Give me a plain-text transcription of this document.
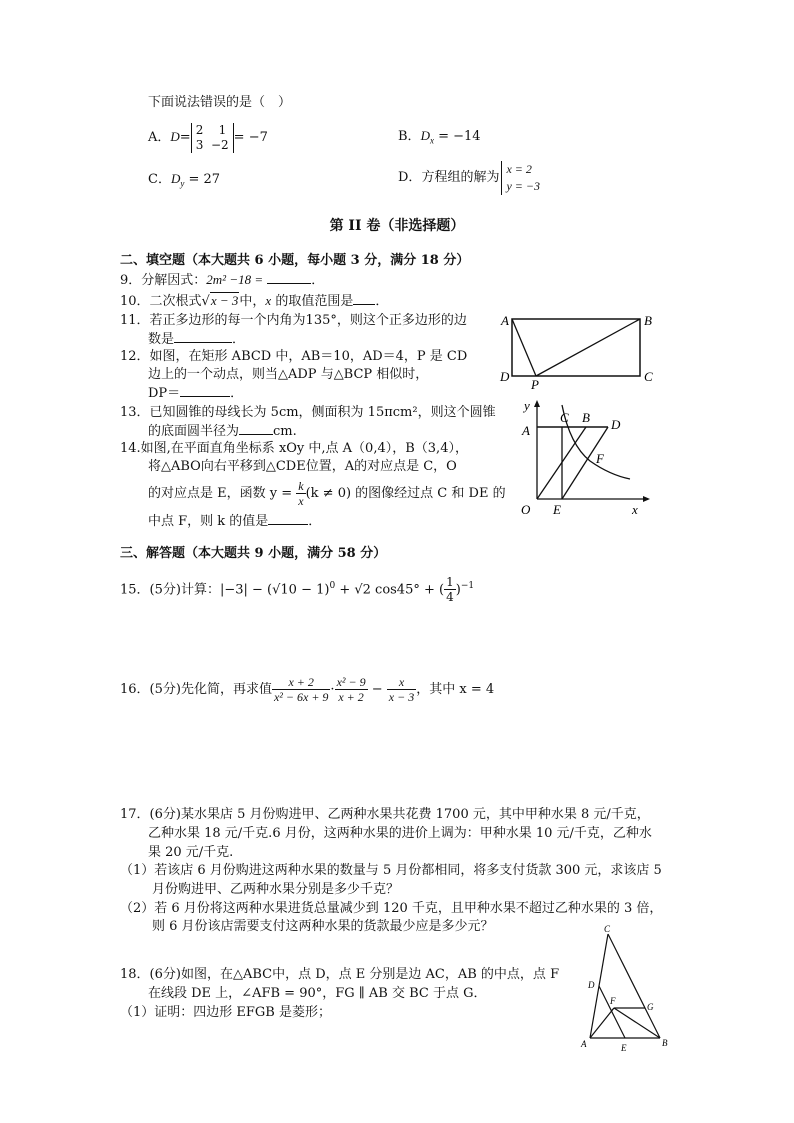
下面说法错误的是（　）
A．D=2 1
3 −2 = −7	B．$D_x = -14$
C．$D_y = 27$	D．方程组的解为x = 2
y = −3
第 II 卷（非选择题）
二、填空题（本大题共 6 小题，每小题 3 分，满分 18 分）
9．分解因式：2m² −18 =	．
10．二次根式√x − 3中，x 的取值范围是 ．
11．若正多边形的每一个内角为135°，则这个正多边形的边
数是	．
12．如图，在矩形 ABCD 中，AB＝10，AD＝4，P 是 CD
边上的一个动点，则当△ADP 与△BCP 相似时，
DP＝	．
13．已知圆锥的母线长为 5cm，侧面积为 15πcm²，则这个圆锥
的底面圆半径为	cm.
14.如图,在平面直角坐标系 xOy 中,点 A（0,4），B（3,4），
将△ABO向右平移到△CDE位置，A的对应点是 C，O
的对应点是 E，函数 $y = \frac{k}{x} (k \ne 0)$ 的图像经过点 C 和 DE 的
中点 F，则 k 的值是	．
三、解答题（本大题共 9 小题，满分 58 分）
15．(5分)计算：$|-3| - (√10 - 1)^0 + √2$ cos45° + ( $\frac{1}{4} )^{-1}$
16．(5分)先化简，再求值 $\frac{x + 2}{\text{x² − 6x + 9}} \cdot \frac{\text{x² − 9}}{x + 2} - \frac{x}{x - 3}$ ，其中 x = 4
17．(6分)某水果店 5 月份购进甲、乙两种水果共花费 1700 元，其中甲种水果 8 元/千克，
乙种水果 18 元/千克.6 月份，这两种水果的进价上调为：甲种水果 10 元/千克，乙种水
果 20 元/千克.
（1）若该店 6 月份购进这两种水果的数量与 5 月份都相同，将多支付货款 300 元，求该店 5
月份购进甲、乙两种水果分别是多少千克？
（2）若 6 月份将这两种水果进货总量减少到 120 千克，且甲种水果不超过乙种水果的 3 倍，
则 6 月份该店需要支付这两种水果的货款最少应是多少元？
18．(6分)如图，在△ABC中，点 D，点 E 分别是边 AC，AB 的中点，点 F
在线段 DE 上，∠AFB = 90°，FG ∥ AB 交 BC 于点 G．
（1）证明：四边形 EFGB 是菱形；
A	B
C
D
P
y
x
O
A
B
C	D
E
F
C
D
F
G
A	E	B
